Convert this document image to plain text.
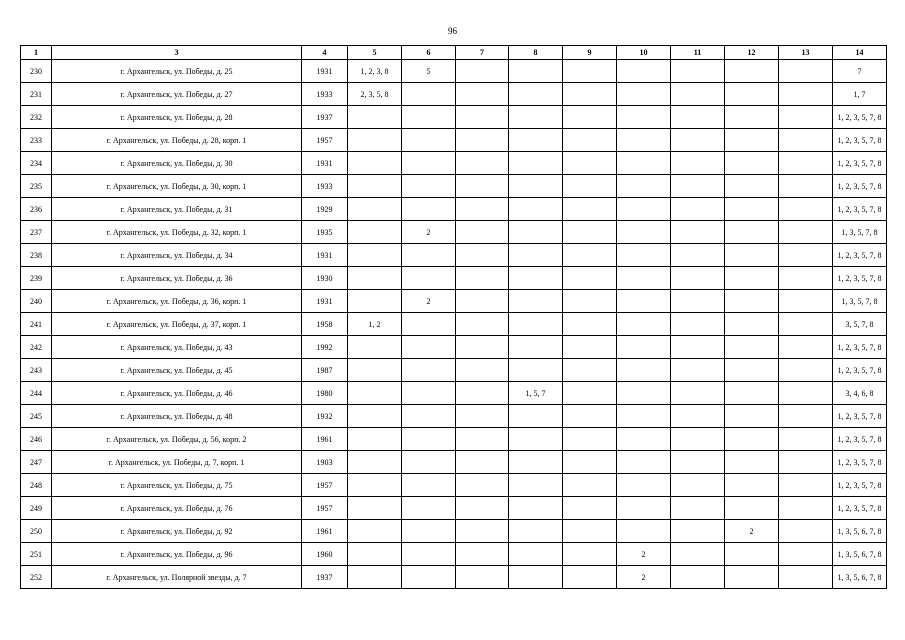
96
1	3	4	5	6	7	8	9	10	11	12	13	14
230	г. Архангельск, ул. Победы, д. 25	1931	1, 2, 3, 8	5								7
231	г. Архангельск, ул. Победы, д. 27	1933	2, 3, 5, 8									1, 7
232	г. Архангельск, ул. Победы, д. 28	1937										1, 2, 3, 5, 7, 8
233	г. Архангельск, ул. Победы, д. 28, корп. 1	1957										1, 2, 3, 5, 7, 8
234	г. Архангельск, ул. Победы, д. 30	1931										1, 2, 3, 5, 7, 8
235	г. Архангельск, ул. Победы, д. 30, корп. 1	1933										1, 2, 3, 5, 7, 8
236	г. Архангельск, ул. Победы, д. 31	1929										1, 2, 3, 5, 7, 8
237	г. Архангельск, ул. Победы, д. 32, корп. 1	1935		2								1, 3, 5, 7, 8
238	г. Архангельск, ул. Победы, д. 34	1931										1, 2, 3, 5, 7, 8
239	г. Архангельск, ул. Победы, д. 36	1930										1, 2, 3, 5, 7, 8
240	г. Архангельск, ул. Победы, д. 36, корп. 1	1931		2								1, 3, 5, 7, 8
241	г. Архангельск, ул. Победы, д. 37, корп. 1	1958	1, 2									3, 5, 7, 8
242	г. Архангельск, ул. Победы, д. 43	1992										1, 2, 3, 5, 7, 8
243	г. Архангельск, ул. Победы, д. 45	1987										1, 2, 3, 5, 7, 8
244	г. Архангельск, ул. Победы, д. 46	1980				1, 5, 7						3, 4, 6, 8
245	г. Архангельск, ул. Победы, д. 48	1932										1, 2, 3, 5, 7, 8
246	г. Архангельск, ул. Победы, д. 56, корп. 2	1961										1, 2, 3, 5, 7, 8
247	г. Архангельск, ул. Победы, д. 7, корп. 1	1903										1, 2, 3, 5, 7, 8
248	г. Архангельск, ул. Победы, д. 75	1957										1, 2, 3, 5, 7, 8
249	г. Архангельск, ул. Победы, д. 76	1957										1, 2, 3, 5, 7, 8
250	г. Архангельск, ул. Победы, д. 92	1961								2		1, 3, 5, 6, 7, 8
251	г. Архангельск, ул. Победы, д. 96	1960						2				1, 3, 5, 6, 7, 8
252	г. Архангельск, ул. Полярной звезды, д. 7	1937						2				1, 3, 5, 6, 7, 8
